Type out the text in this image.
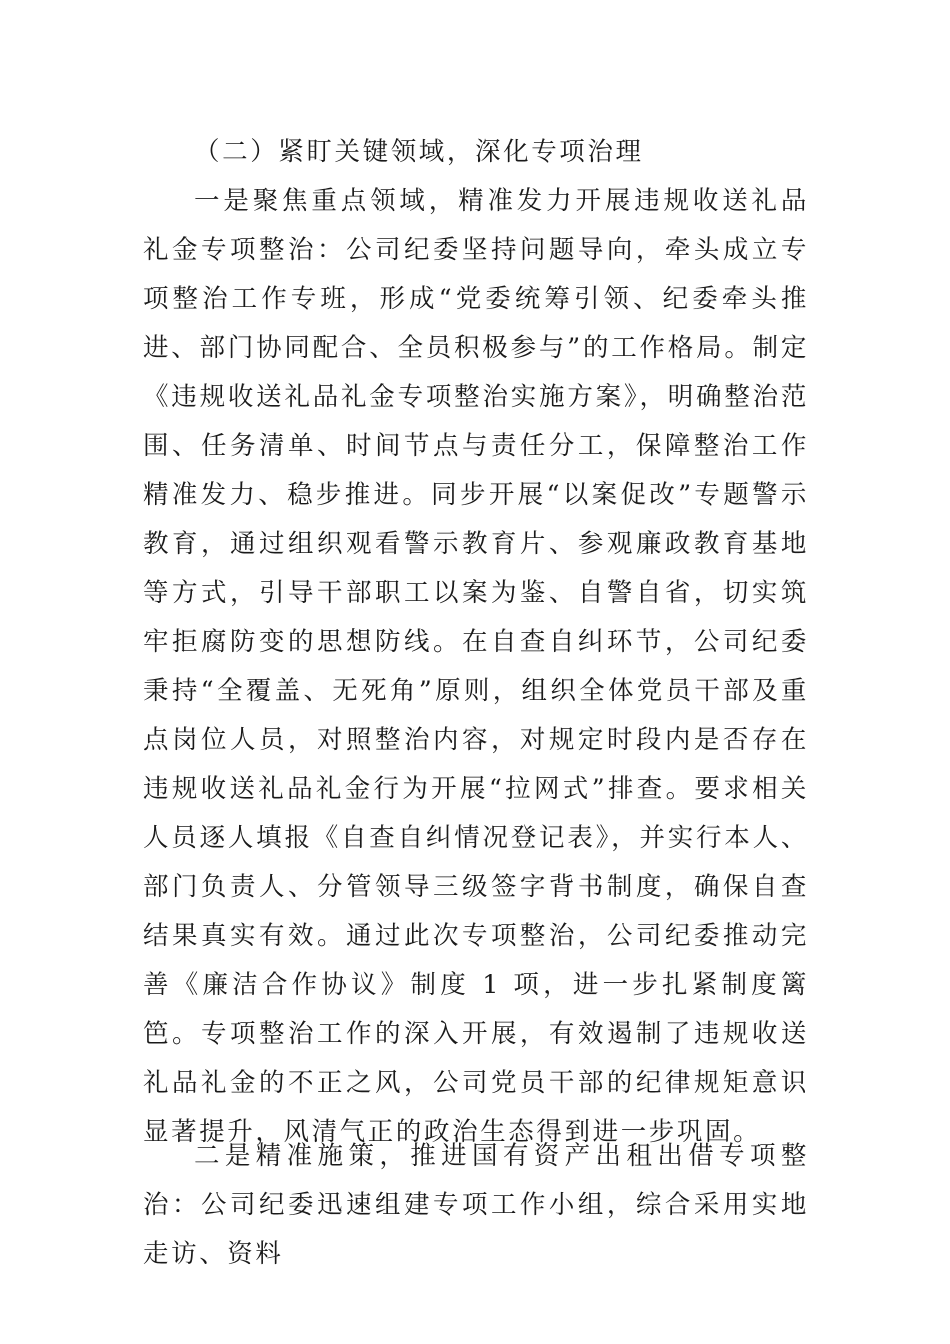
（二）紧盯关键领域，深化专项治理
一是聚焦重点领域，精准发力开展违规收送礼品礼金专项整治：公司纪委坚持问题导向，牵头成立专项整治工作专班，形成“党委统筹引领、纪委牵头推进、部门协同配合、全员积极参与”的工作格局。制定《违规收送礼品礼金专项整治实施方案》，明确整治范围、任务清单、时间节点与责任分工，保障整治工作精准发力、稳步推进。同步开展“以案促改”专题警示教育，通过组织观看警示教育片、参观廉政教育基地等方式，引导干部职工以案为鉴、自警自省，切实筑牢拒腐防变的思想防线。在自查自纠环节，公司纪委秉持“全覆盖、无死角”原则，组织全体党员干部及重点岗位人员，对照整治内容，对规定时段内是否存在违规收送礼品礼金行为开展“拉网式”排查。要求相关人员逐人填报《自查自纠情况登记表》，并实行本人、部门负责人、分管领导三级签字背书制度，确保自查结果真实有效。通过此次专项整治，公司纪委推动完善《廉洁合作协议》制度 1 项，进一步扎紧制度篱笆。专项整治工作的深入开展，有效遏制了违规收送礼品礼金的不正之风，公司党员干部的纪律规矩意识显著提升，风清气正的政治生态得到进一步巩固。
二是精准施策，推进国有资产出租出借专项整治：公司纪委迅速组建专项工作小组，综合采用实地走访、资料
